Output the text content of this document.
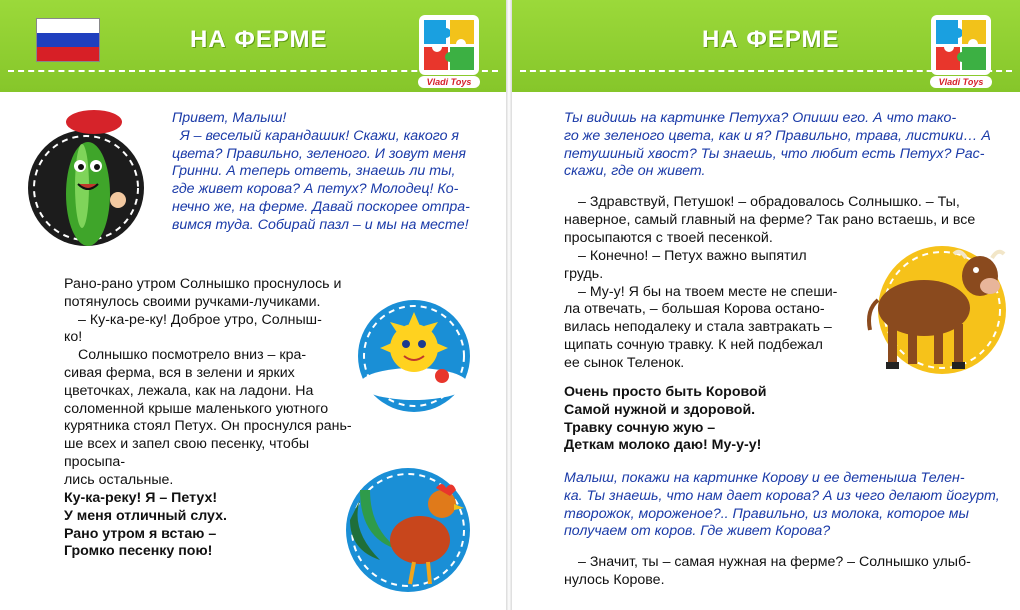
НА ФЕРМЕ
Vladi Toys
Привет, Малыш!
Я – веселый карандашик! Скажи, какого я
цвета? Правильно, зеленого. И зовут меня
Гринни. А теперь ответь, знаешь ли ты,
где живет корова? А петух? Молодец! Ко-
нечно же, на ферме. Давай поскорее отпра-
вимся туда. Собирай пазл – и мы на месте!
Рано-рано утром Солнышко проснулось и
потянулось своими ручками-лучиками.
– Ку-ка-ре-ку! Доброе утро, Солныш-
ко!
Солнышко посмотрело вниз – кра-
сивая ферма, вся в зелени и ярких
цветочках, лежала, как на ладони. На
соломенной крыше маленького уютного
курятника стоял Петух. Он проснулся рань-
ше всех и запел свою песенку, чтобы просыпа-
лись остальные.
Ку-ка-реку! Я – Петух!
У меня отличный слух.
Рано утром я встаю –
Громко песенку пою!
НА ФЕРМЕ
Vladi Toys
Ты видишь на картинке Петуха? Опиши его. А что тако-
го же зеленого цвета, как и я? Правильно, трава, листики… А
петушиный хвост? Ты знаешь, что любит есть Петух? Рас-
скажи, где он живет.
– Здравствуй, Петушок! – обрадовалось Солнышко. – Ты,
наверное, самый главный на ферме? Так рано встаешь, и все
просыпаются с твоей песенкой.
– Конечно! – Петух важно выпятил
грудь.
– Му-у! Я бы на твоем месте не спеши-
ла отвечать, – большая Корова остано-
вилась неподалеку и стала завтракать –
щипать сочную травку. К ней подбежал
ее сынок Теленок.
Очень просто быть Коровой
Самой нужной и здоровой.
Травку сочную жую –
Деткам молоко даю! Му-у-у!
Малыш, покажи на картинке Корову и ее детеныша Телен-
ка. Ты знаешь, что нам дает корова? А из чего делают йогурт,
творожок, мороженое?.. Правильно, из молока, которое мы
получаем от коров. Где живет Корова?
– Значит, ты – самая нужная на ферме? – Солнышко улыб-
нулось Корове.
